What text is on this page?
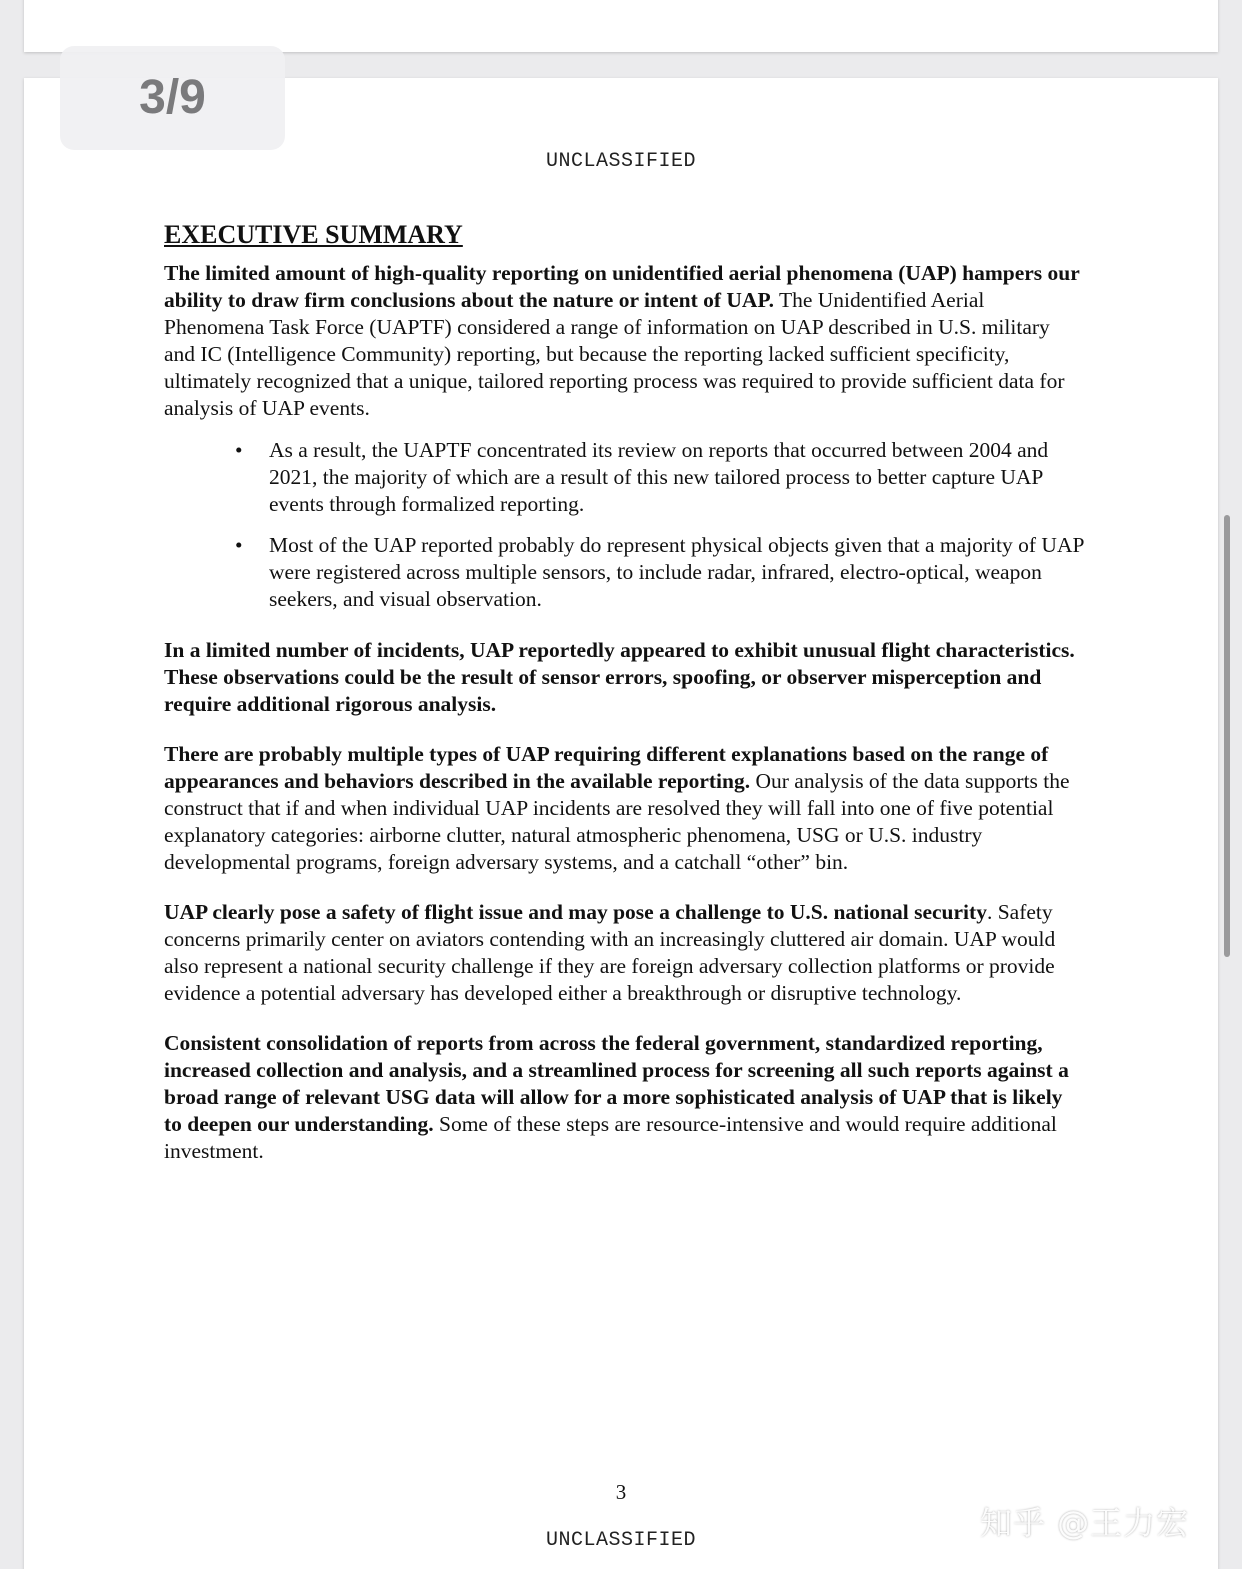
3/9
UNCLASSIFIED
EXECUTIVE SUMMARY

The limited amount of high-quality reporting on unidentified aerial phenomena (UAP) hampers our ability to draw firm conclusions about the nature or intent of UAP. The Unidentified Aerial Phenomena Task Force (UAPTF) considered a range of information on UAP described in U.S. military and IC (Intelligence Community) reporting, but because the reporting lacked sufficient specificity, ultimately recognized that a unique, tailored reporting process was required to provide sufficient data for analysis of UAP events.

• As a result, the UAPTF concentrated its review on reports that occurred between 2004 and 2021, the majority of which are a result of this new tailored process to better capture UAP events through formalized reporting.
• Most of the UAP reported probably do represent physical objects given that a majority of UAP were registered across multiple sensors, to include radar, infrared, electro-optical, weapon seekers, and visual observation.

In a limited number of incidents, UAP reportedly appeared to exhibit unusual flight characteristics. These observations could be the result of sensor errors, spoofing, or observer misperception and require additional rigorous analysis.

There are probably multiple types of UAP requiring different explanations based on the range of appearances and behaviors described in the available reporting. Our analysis of the data supports the construct that if and when individual UAP incidents are resolved they will fall into one of five potential explanatory categories: airborne clutter, natural atmospheric phenomena, USG or U.S. industry developmental programs, foreign adversary systems, and a catchall “other” bin.

UAP clearly pose a safety of flight issue and may pose a challenge to U.S. national security. Safety concerns primarily center on aviators contending with an increasingly cluttered air domain. UAP would also represent a national security challenge if they are foreign adversary collection platforms or provide evidence a potential adversary has developed either a breakthrough or disruptive technology.

Consistent consolidation of reports from across the federal government, standardized reporting, increased collection and analysis, and a streamlined process for screening all such reports against a broad range of relevant USG data will allow for a more sophisticated analysis of UAP that is likely to deepen our understanding. Some of these steps are resource-intensive and would require additional investment.

3
UNCLASSIFIED	知乎 @王力宏
